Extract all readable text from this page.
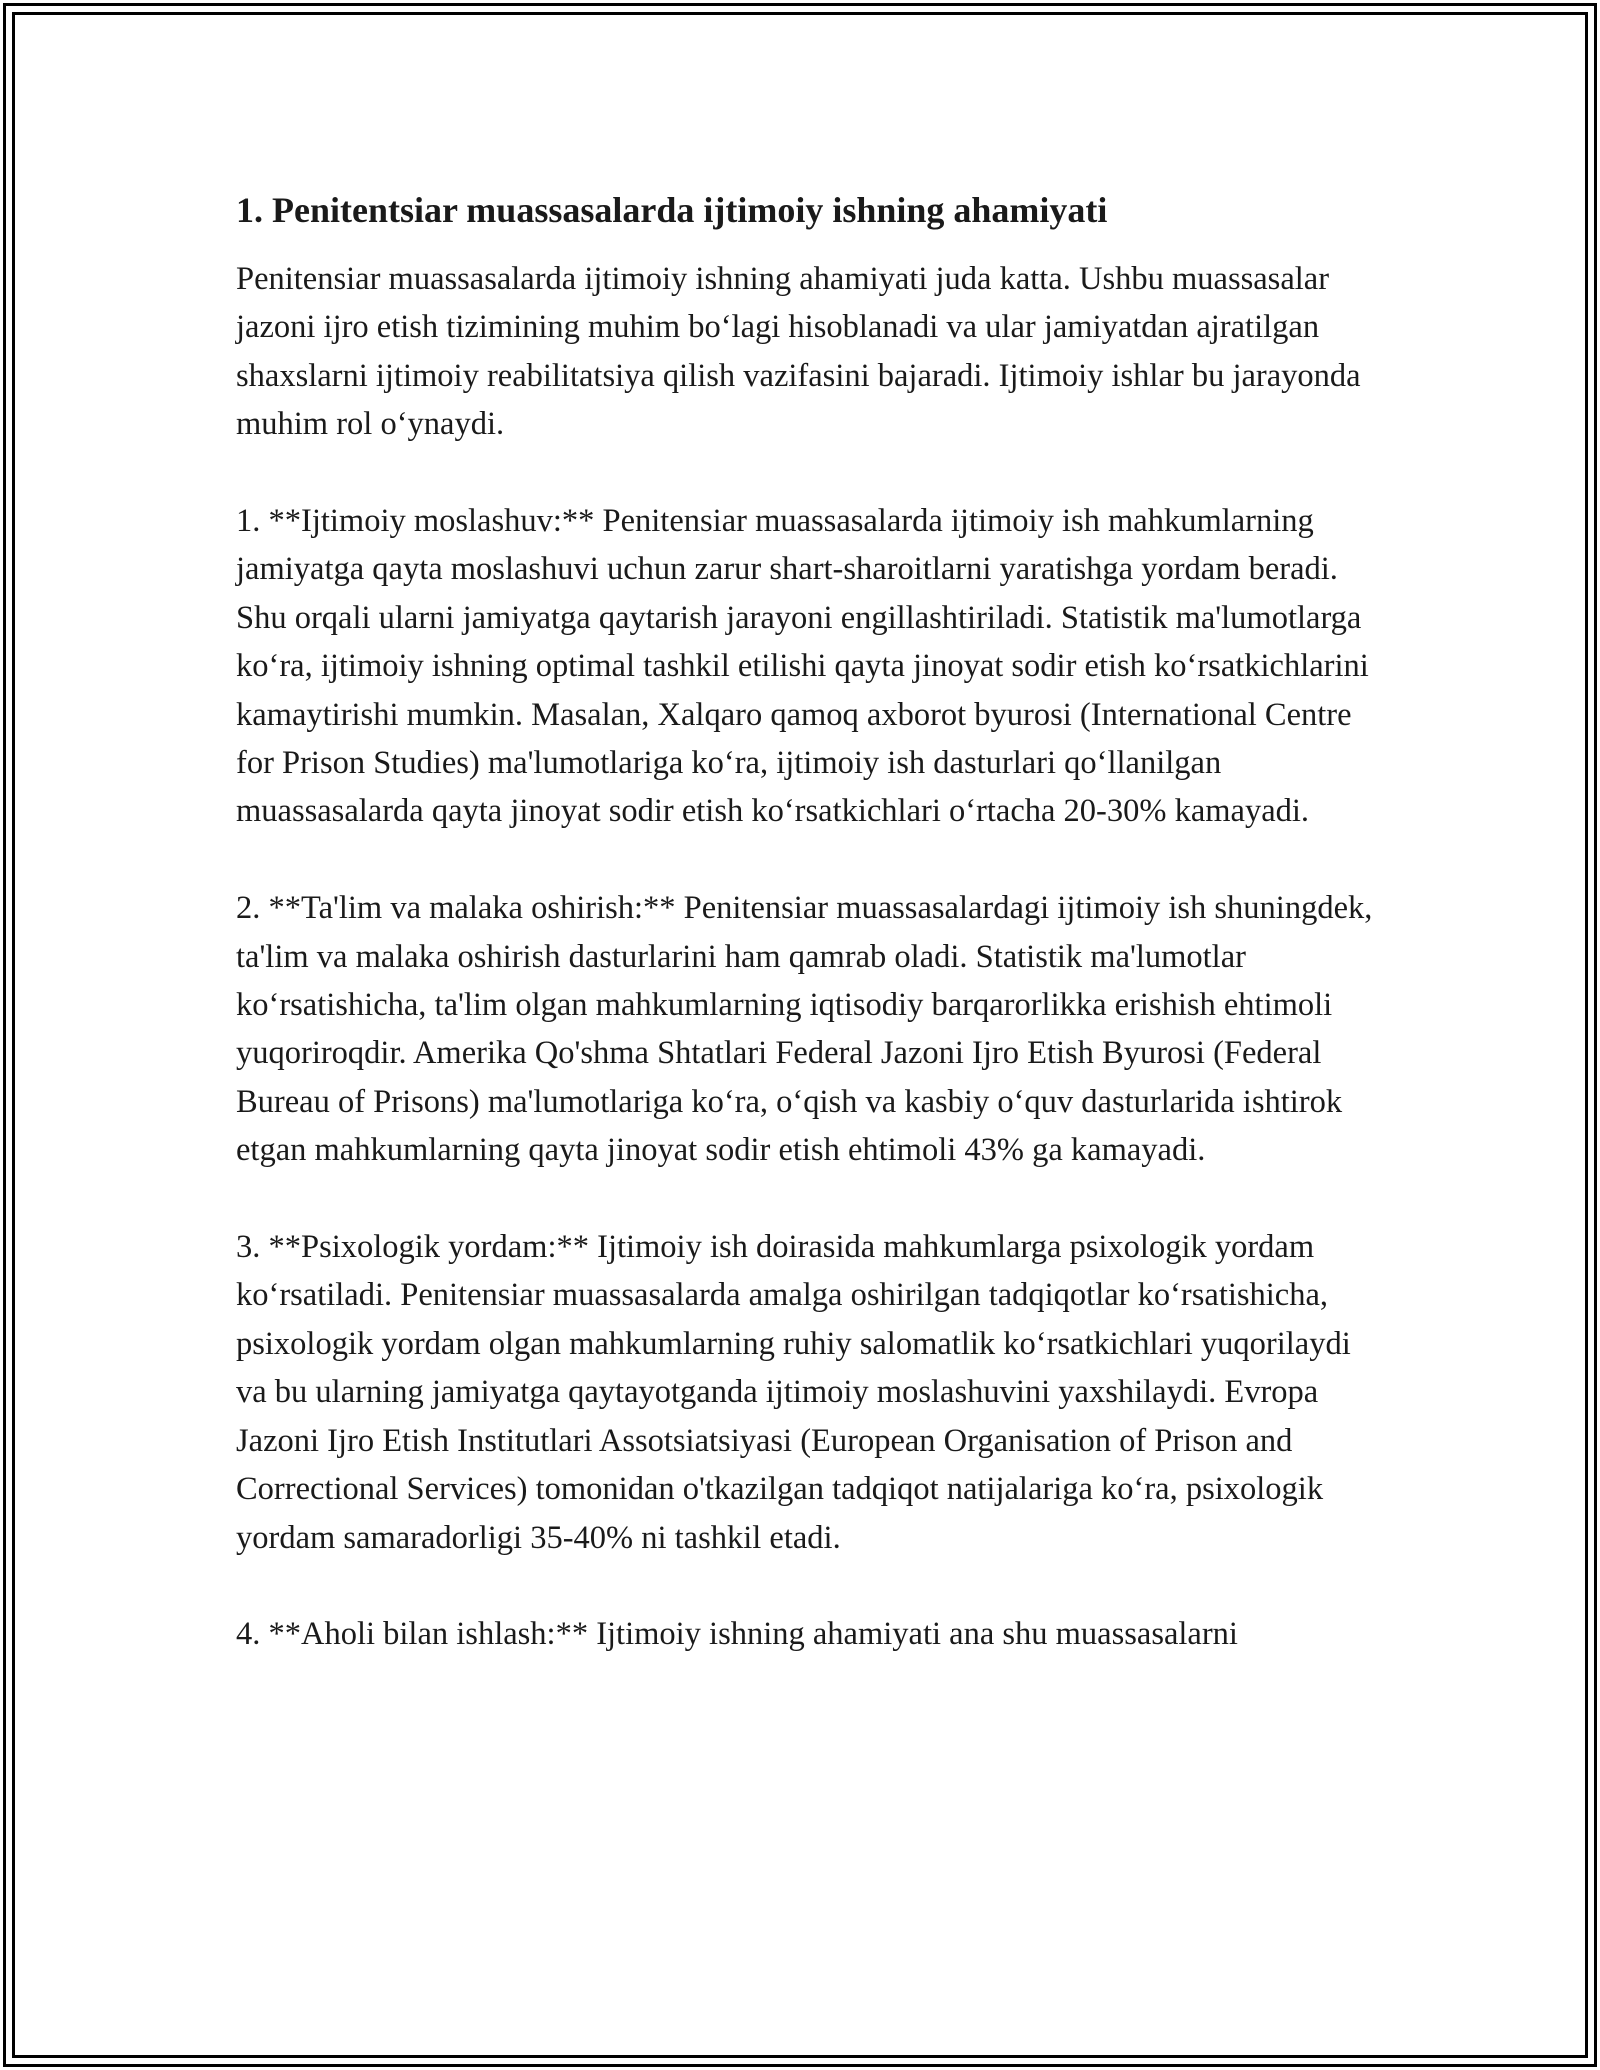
1. Penitentsiar muassasalarda ijtimoiy ishning ahamiyati

Penitensiar muassasalarda ijtimoiy ishning ahamiyati juda katta. Ushbu muassasalar jazoni ijro etish tizimining muhim bo‘lagi hisoblanadi va ular jamiyatdan ajratilgan shaxslarni ijtimoiy reabilitatsiya qilish vazifasini bajaradi. Ijtimoiy ishlar bu jarayonda muhim rol o‘ynaydi.

1. **Ijtimoiy moslashuv:** Penitensiar muassasalarda ijtimoiy ish mahkumlarning jamiyatga qayta moslashuvi uchun zarur shart-sharoitlarni yaratishga yordam beradi. Shu orqali ularni jamiyatga qaytarish jarayoni engillashtiriladi. Statistik ma'lumotlarga ko‘ra, ijtimoiy ishning optimal tashkil etilishi qayta jinoyat sodir etish ko‘rsatkichlarini kamaytirishi mumkin. Masalan, Xalqaro qamoq axborot byurosi (International Centre for Prison Studies) ma'lumotlariga ko‘ra, ijtimoiy ish dasturlari qo‘llanilgan muassasalarda qayta jinoyat sodir etish ko‘rsatkichlari o‘rtacha 20-30% kamayadi.

2. **Ta'lim va malaka oshirish:** Penitensiar muassasalardagi ijtimoiy ish shuningdek, ta'lim va malaka oshirish dasturlarini ham qamrab oladi. Statistik ma'lumotlar ko‘rsatishicha, ta'lim olgan mahkumlarning iqtisodiy barqarorlikka erishish ehtimoli yuqoriroqdir. Amerika Qo'shma Shtatlari Federal Jazoni Ijro Etish Byurosi (Federal Bureau of Prisons) ma'lumotlariga ko‘ra, o‘qish va kasbiy o‘quv dasturlarida ishtirok etgan mahkumlarning qayta jinoyat sodir etish ehtimoli 43% ga kamayadi.

3. **Psixologik yordam:** Ijtimoiy ish doirasida mahkumlarga psixologik yordam ko‘rsatiladi. Penitensiar muassasalarda amalga oshirilgan tadqiqotlar ko‘rsatishicha, psixologik yordam olgan mahkumlarning ruhiy salomatlik ko‘rsatkichlari yuqorilaydi va bu ularning jamiyatga qaytayotganda ijtimoiy moslashuvini yaxshilaydi. Evropa Jazoni Ijro Etish Institutlari Assotsiatsiyasi (European Organisation of Prison and Correctional Services) tomonidan o'tkazilgan tadqiqot natijalariga ko‘ra, psixologik yordam samaradorligi 35-40% ni tashkil etadi.

4. **Aholi bilan ishlash:** Ijtimoiy ishning ahamiyati ana shu muassasalarni
